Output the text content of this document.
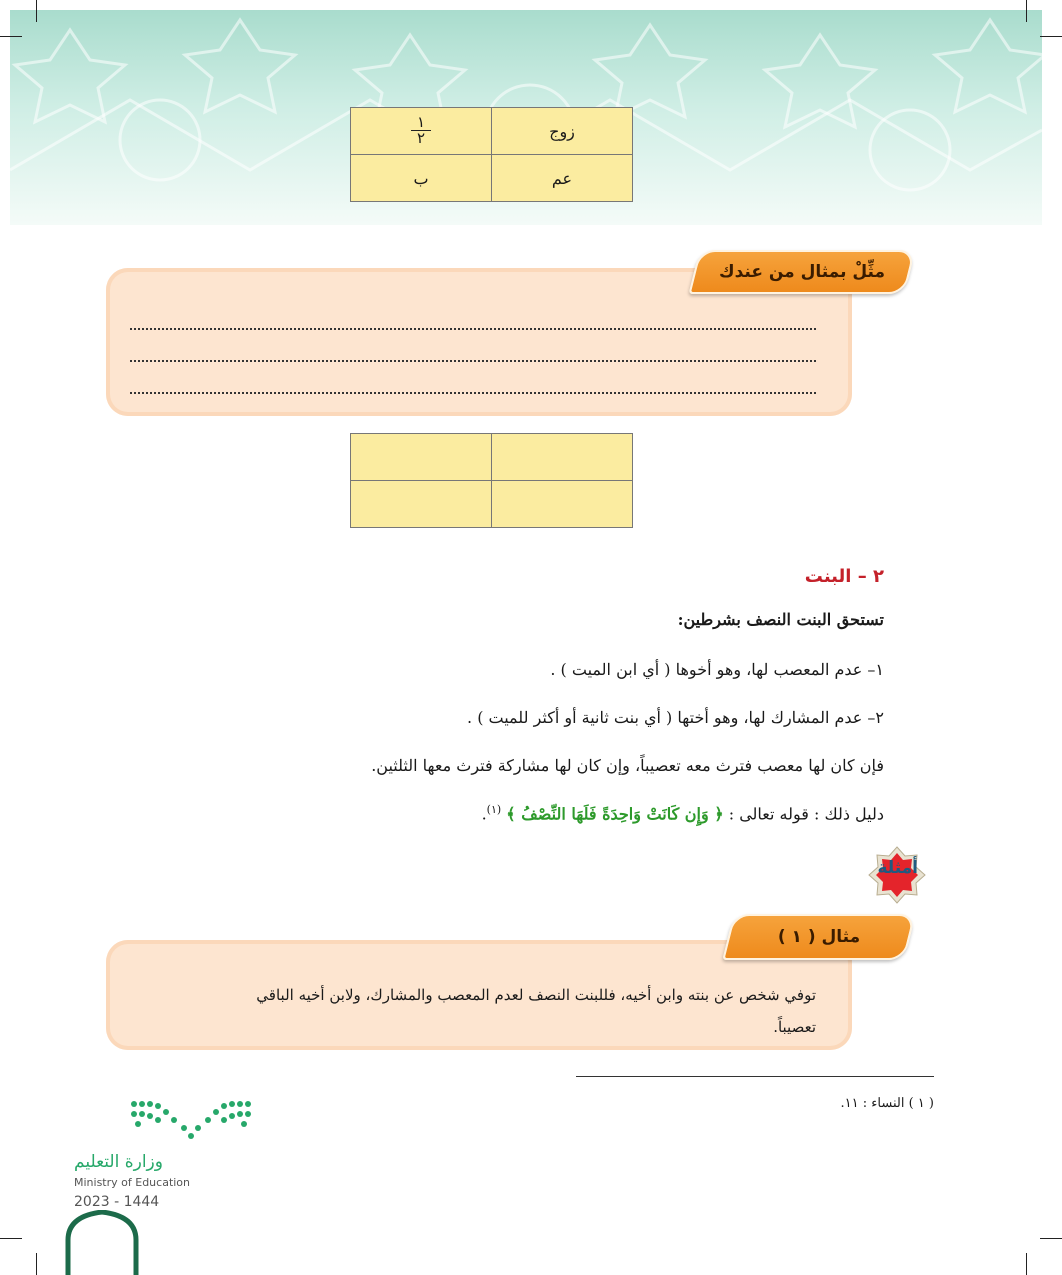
زوج	$\frac{١}{٢}$

عم	ب
مثِّلْ بمثال من عندك

٢ – البنت
تستحق البنت النصف بشرطين:
١– عدم المعصب لها، وهو أخوها ( أي ابن الميت ) .
٢– عدم المشارك لها، وهو أختها ( أي بنت ثانية أو أكثر للميت ) .
فإن كان لها معصب فترث معه تعصيباً، وإن كان لها مشاركة فترث معها الثلثين.
دليل ذلك : قوله تعالى : ﴿ وَإِن كَانَتْ وَاحِدَةً فَلَهَا النِّصْفُ ﴾ $^{(١)}$.
أمثلة
مثال ( ١ )
توفي شخص عن بنته وابن أخيه، فللبنت النصف لعدم المعصب والمشارك، ولابن أخيه الباقي
تعصيباً.
( ١ ) النساء : ١١.
وزارة التعليم
Ministry of Education
2023 - 1444
